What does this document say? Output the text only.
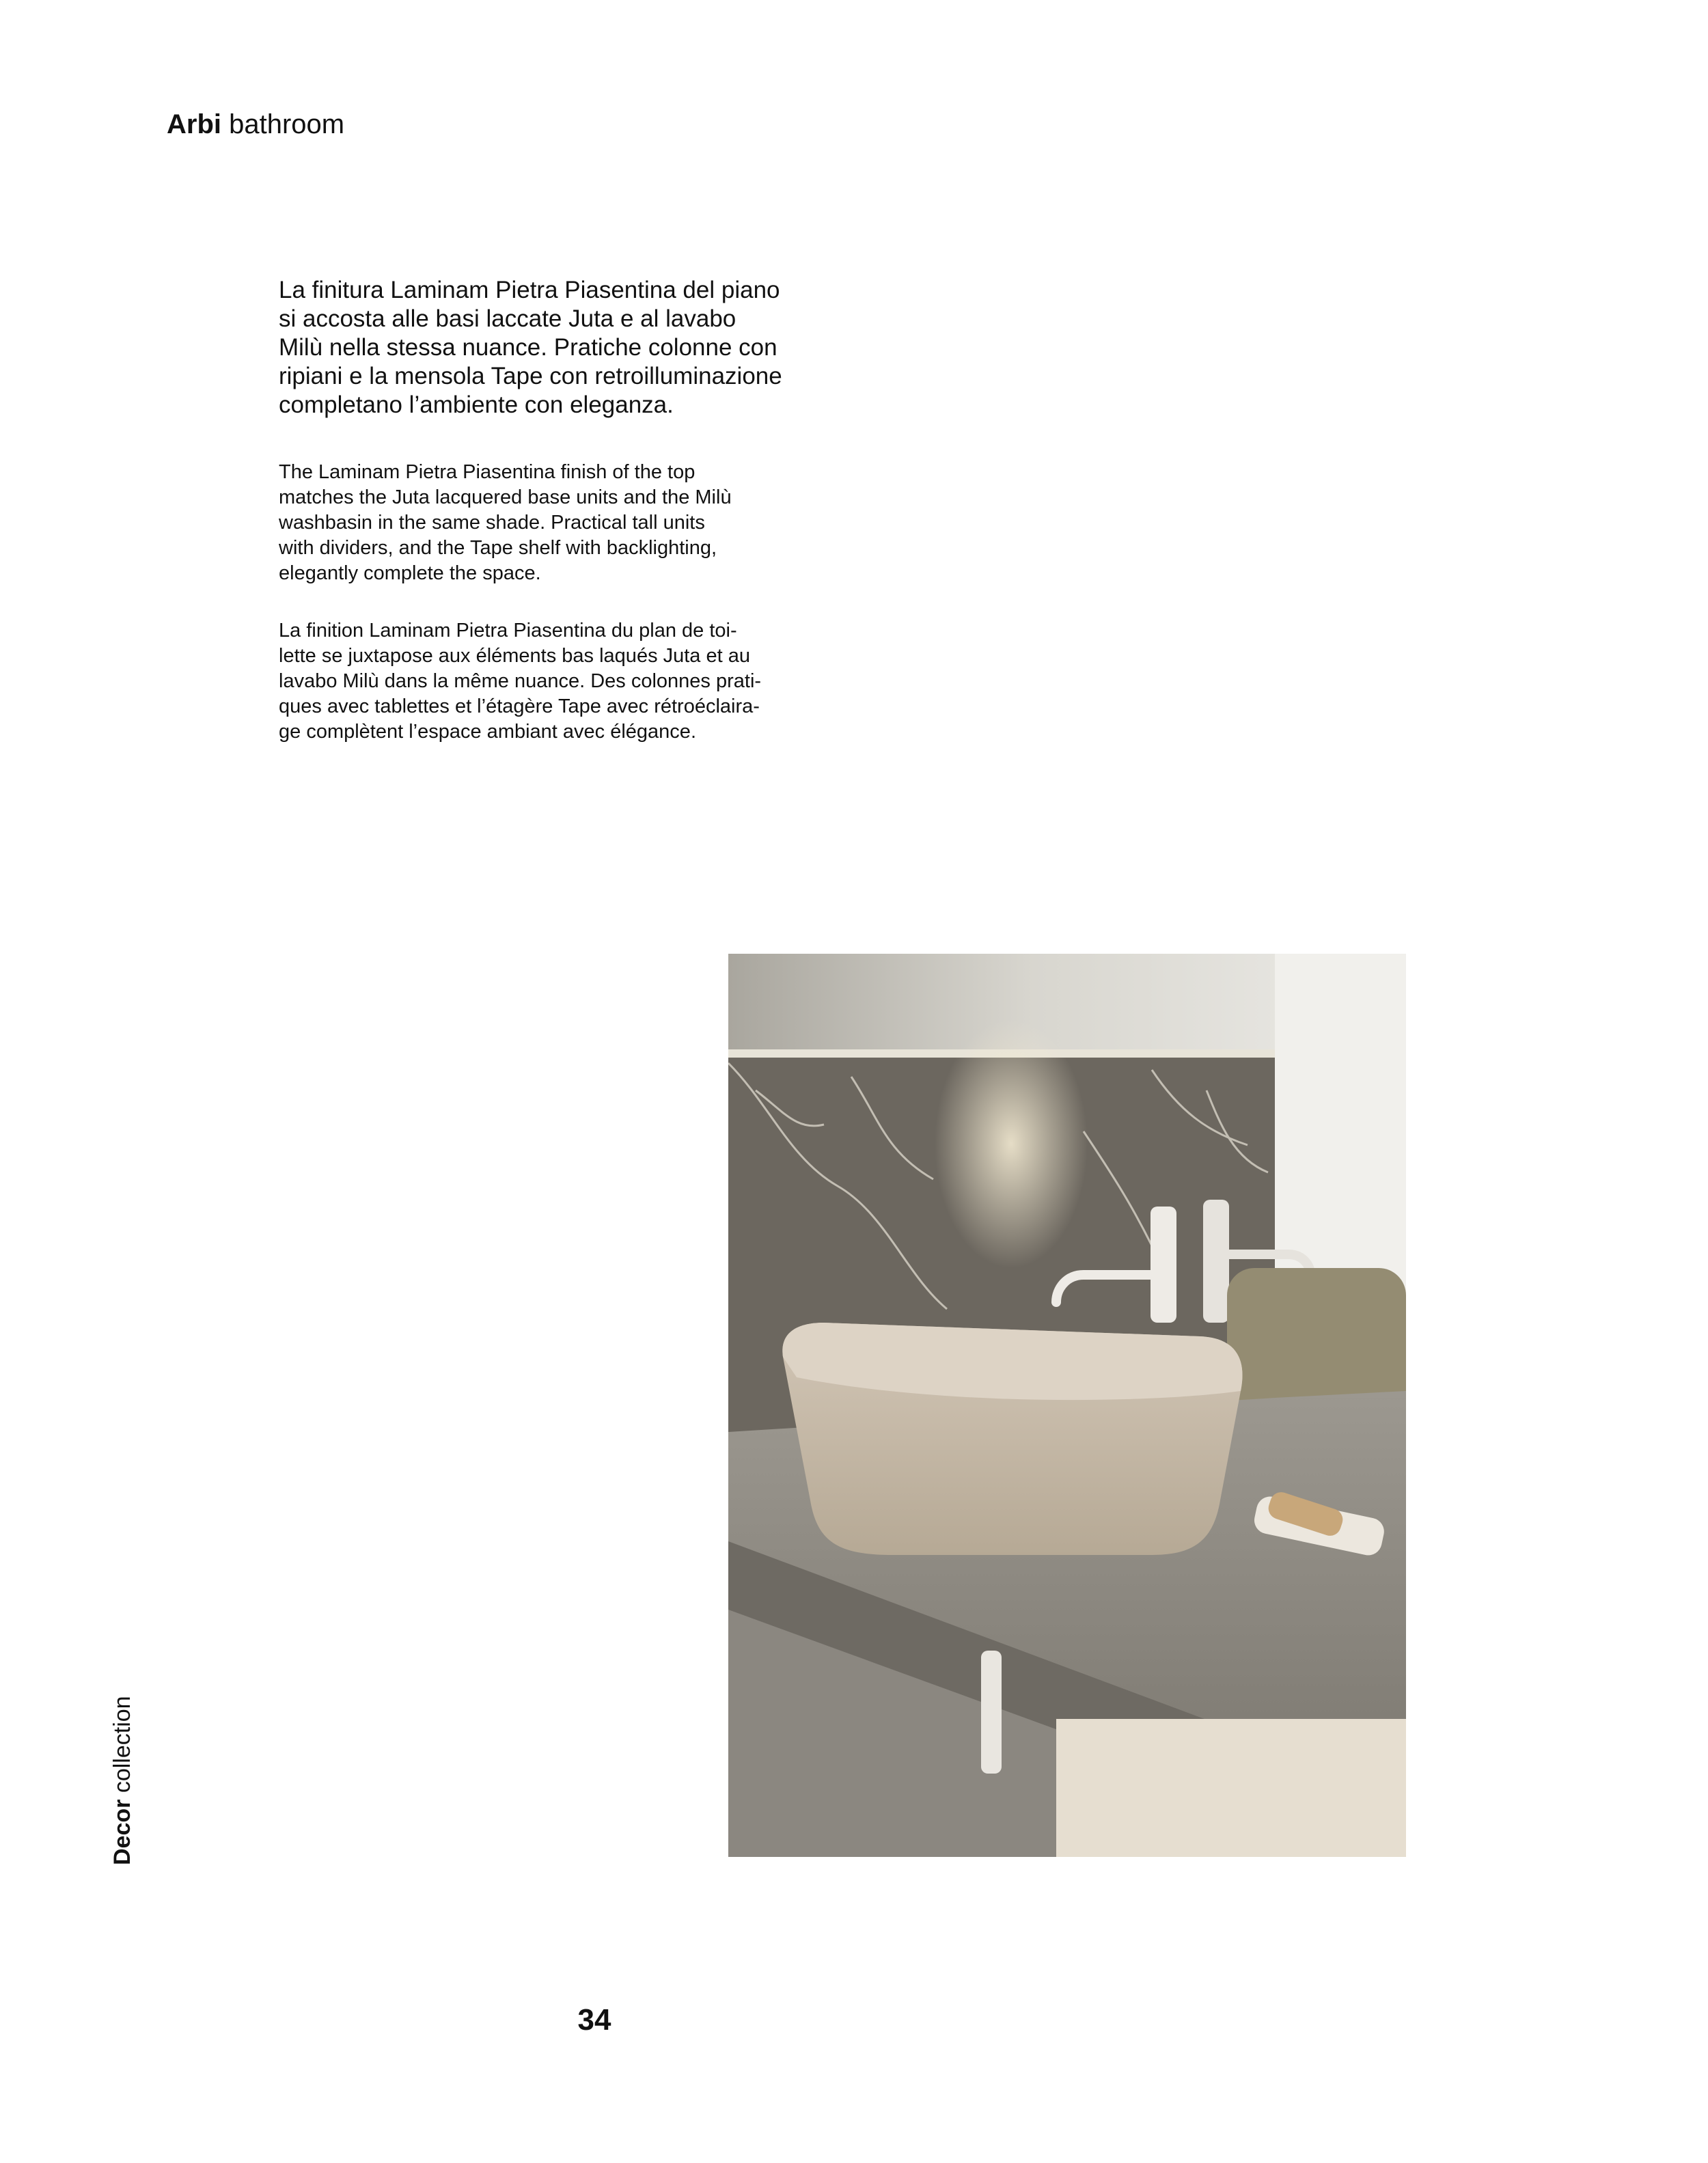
Arbi bathroom

La finitura Laminam Pietra Piasentina del piano
si accosta alle basi laccate Juta e al lavabo
Milù nella stessa nuance. Pratiche colonne con
ripiani e la mensola Tape con retroilluminazione
completano l’ambiente con eleganza.

The Laminam Pietra Piasentina finish of the top
matches the Juta lacquered base units and the Milù
washbasin in the same shade. Practical tall units
with dividers, and the Tape shelf with backlighting,
elegantly complete the space.

La finition Laminam Pietra Piasentina du plan de toi-
lette se juxtapose aux éléments bas laqués Juta et au
lavabo Milù dans la même nuance. Des colonnes prati-
ques avec tablettes et l’étagère Tape avec rétroéclaira-
ge complètent l’espace ambiant avec élégance.

Decor collection
34
